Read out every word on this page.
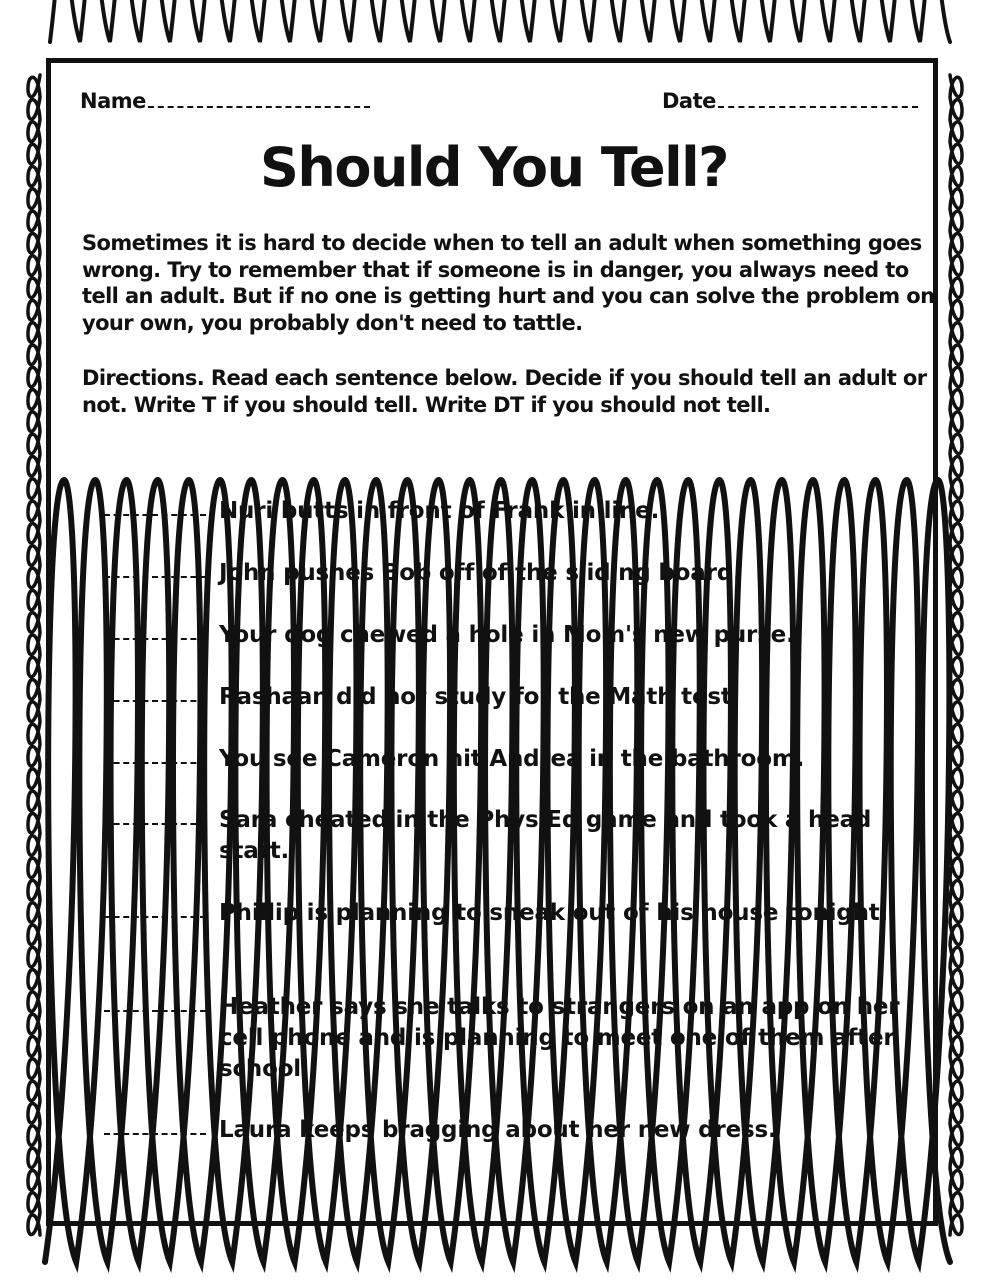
Name	Date
Should You Tell?

Sometimes it is hard to decide when to tell an adult when something goes wrong. Try to remember that if someone is in danger, you always need to tell an adult. But if no one is getting hurt and you can solve the problem on your own, you probably don't need to tattle.

Directions. Read each sentence below. Decide if you should tell an adult or not. Write T if you should tell. Write DT if you should not tell.

Nuri butts in front of Frank in line.
John pushes Bob off of the sliding board.
Your dog chewed a hole in Mom's new purse.
Rashaan did not study for the Math test.
You see Cameron hit Andrea in the bathroom.
Sara cheated in the Phys Ed game and took a head start.
Phillip is planning to sneak out of his house tonight.
Heather says she talks to strangers on an app on her cell phone and is planning to meet one of them after school.
Laura keeps bragging about her new dress.
